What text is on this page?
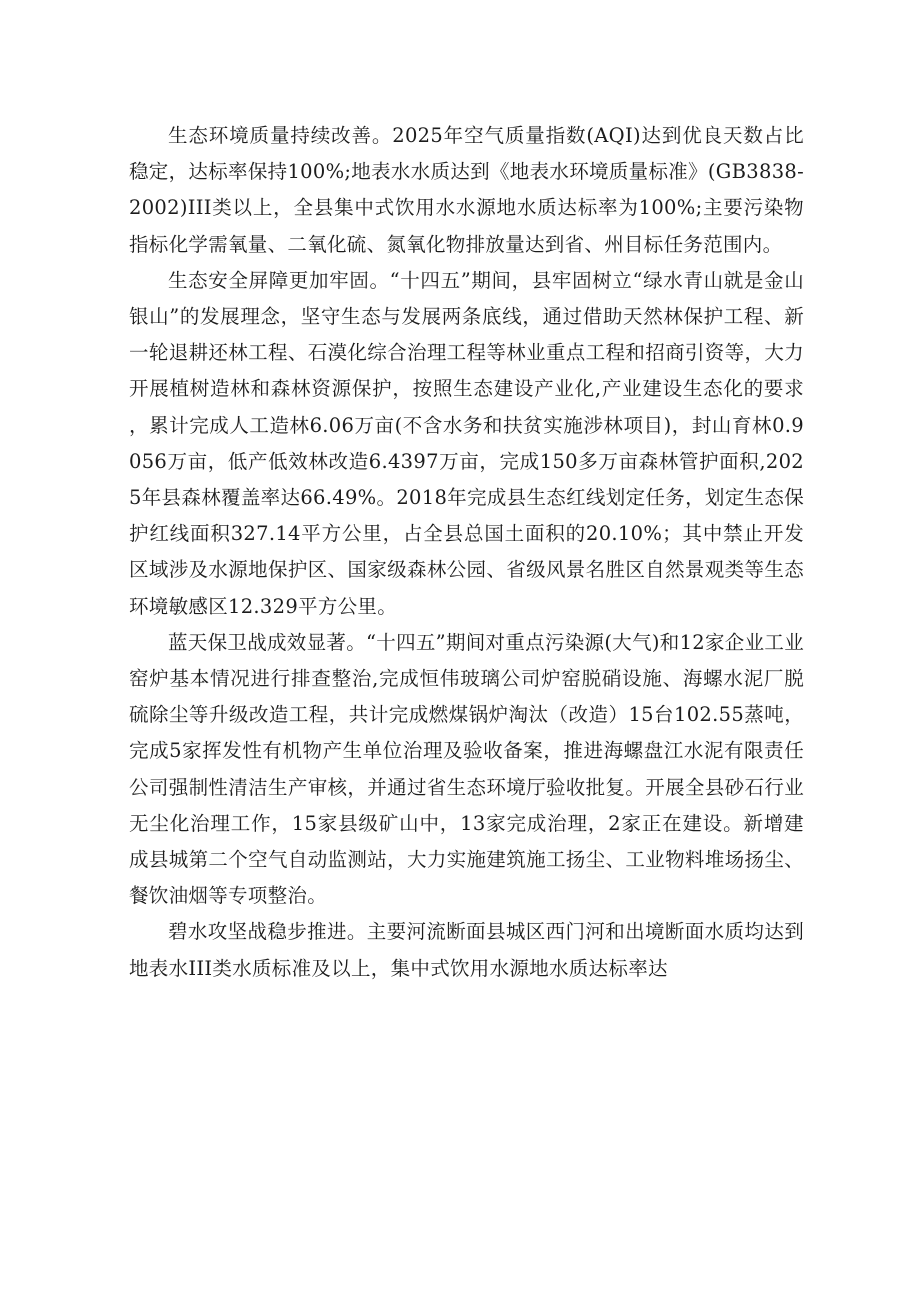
生态环境质量持续改善。2025年空气质量指数(AQI)达到优良天数占比稳定，达标率保持100%;地表水水质达到《地表水环境质量标准》(GB3838-2002)III类以上，全县集中式饮用水水源地水质达标率为100%;主要污染物指标化学需氧量、二氧化硫、氮氧化物排放量达到省、州目标任务范围内。

生态安全屏障更加牢固。“十四五”期间，县牢固树立“绿水青山就是金山银山”的发展理念，坚守生态与发展两条底线，通过借助天然林保护工程、新一轮退耕还林工程、石漠化综合治理工程等林业重点工程和招商引资等，大力开展植树造林和森林资源保护，按照生态建设产业化,产业建设生态化的要求，累计完成人工造林6.06万亩(不含水务和扶贫实施涉林项目)，封山育林0.9056万亩，低产低效林改造6.4397万亩，完成150多万亩森林管护面积,2025年县森林覆盖率达66.49%。2018年完成县生态红线划定任务，划定生态保护红线面积327.14平方公里，占全县总国土面积的20.10%；其中禁止开发区域涉及水源地保护区、国家级森林公园、省级风景名胜区自然景观类等生态环境敏感区12.329平方公里。

蓝天保卫战成效显著。“十四五”期间对重点污染源(大气)和12家企业工业窑炉基本情况进行排查整治,完成恒伟玻璃公司炉窑脱硝设施、海螺水泥厂脱硫除尘等升级改造工程，共计完成燃煤锅炉淘汰（改造）15台102.55蒸吨，完成5家挥发性有机物产生单位治理及验收备案，推进海螺盘江水泥有限责任公司强制性清洁生产审核，并通过省生态环境厅验收批复。开展全县砂石行业无尘化治理工作，15家县级矿山中，13家完成治理，2家正在建设。新增建成县城第二个空气自动监测站，大力实施建筑施工扬尘、工业物料堆场扬尘、餐饮油烟等专项整治。

碧水攻坚战稳步推进。主要河流断面县城区西门河和出境断面水质均达到地表水III类水质标准及以上，集中式饮用水源地水质达标率达
